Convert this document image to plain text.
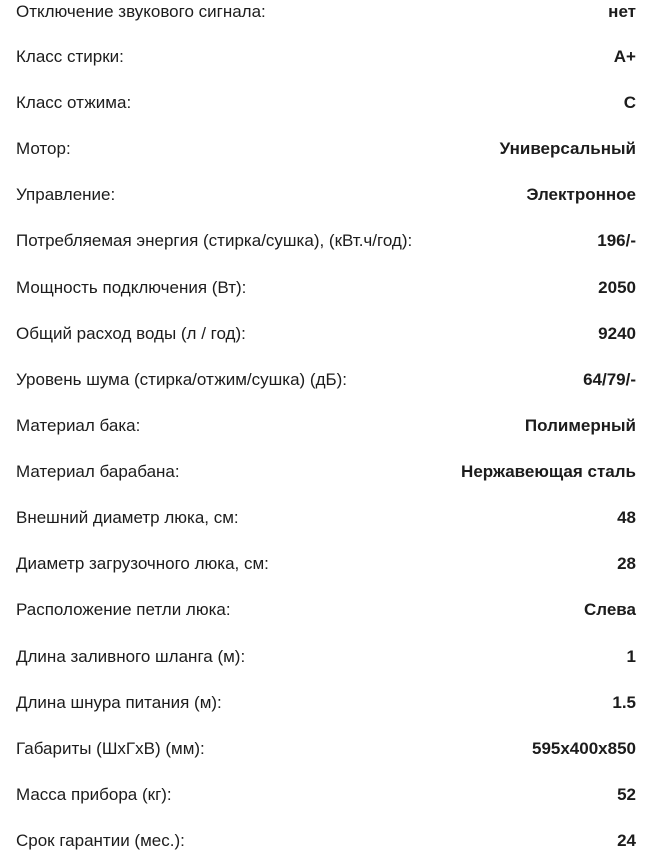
Отключение звукового сигнала:	нет
Класс стирки:	A+
Класс отжима:	C
Мотор:	Универсальный
Управление:	Электронное
Потребляемая энергия (стирка/сушка), (кВт.ч/год):	196/-
Мощность подключения (Вт):	2050
Общий расход воды (л / год):	9240
Уровень шума (стирка/отжим/сушка) (дБ):	64/79/-
Материал бака:	Полимерный
Материал барабана:	Нержавеющая сталь
Внешний диаметр люка, см:	48
Диаметр загрузочного люка, см:	28
Расположение петли люка:	Слева
Длина заливного шланга (м):	1
Длина шнура питания (м):	1.5
Габариты (ШхГхВ) (мм):	595x400x850
Масса прибора (кг):	52
Срок гарантии (мес.):	24
